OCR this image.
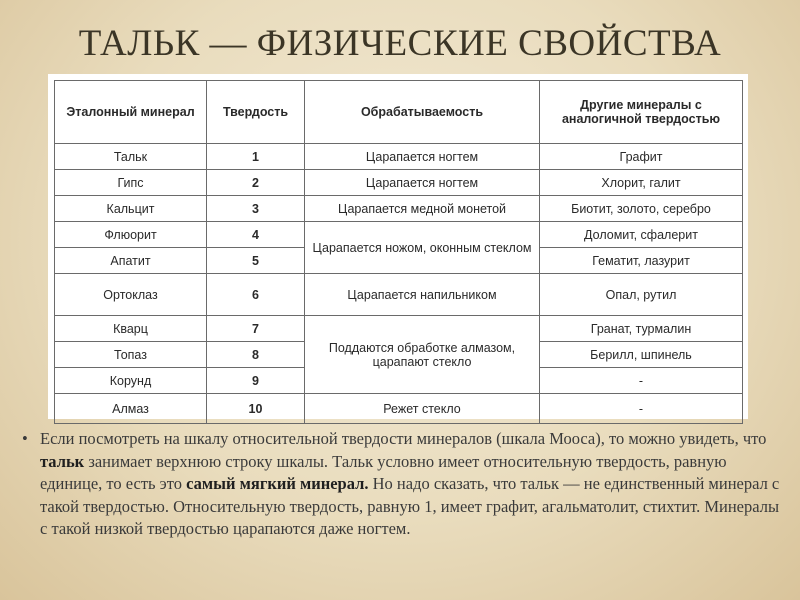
ТАЛЬК — ФИЗИЧЕСКИЕ СВОЙСТВА
Эталонный минерал	Твердость	Обрабатываемость	Другие минералы с аналогичной твердостью
Тальк	1	Царапается ногтем	Графит
Гипс	2	Царапается ногтем	Хлорит, галит
Кальцит	3	Царапается медной монетой	Биотит, золото, серебро
Флюорит	4	Царапается ножом, оконным стеклом	Доломит, сфалерит
Апатит	5		Гематит, лазурит
Ортоклаз	6	Царапается напильником	Опал, рутил
Кварц	7	Поддаются обработке алмазом, царапают стекло	Гранат, турмалин
Топаз	8		Берилл, шпинель
Корунд	9		-
Алмаз	10	Режет стекло	-
• Если посмотреть на шкалу относительной твердости минералов (шкала Мооса), то можно увидеть, что тальк занимает верхнюю строку шкалы. Тальк условно имеет относительную твердость, равную единице, то есть это самый мягкий минерал. Но надо сказать, что тальк — не единственный минерал с такой твердостью. Относительную твердость, равную 1, имеет графит, агальматолит, стихтит. Минералы с такой низкой твердостью царапаются даже ногтем.
